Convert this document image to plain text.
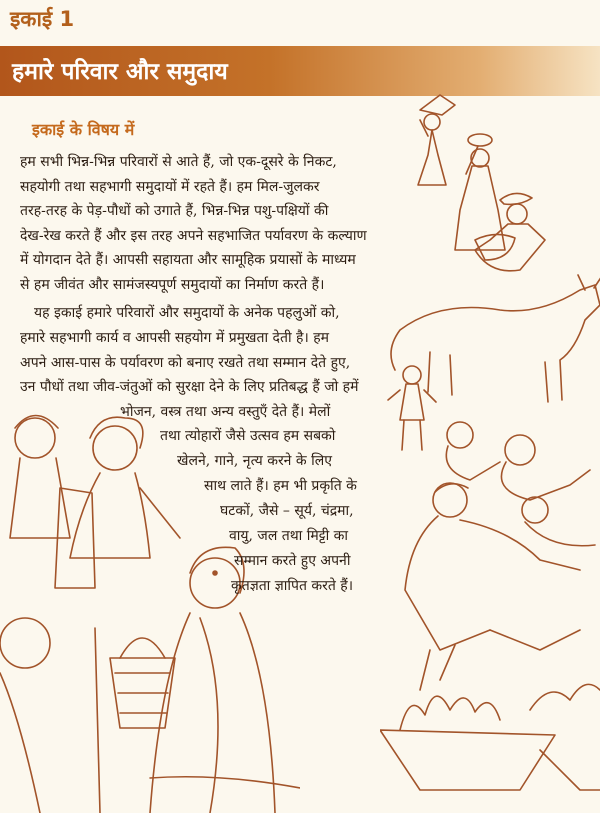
इकाई 1
हमारे परिवार और समुदाय
इकाई के विषय में
हम सभी भिन्न-भिन्न परिवारों से आते हैं, जो एक-दूसरे के निकट,
सहयोगी तथा सहभागी समुदायों में रहते हैं। हम मिल-जुलकर
तरह-तरह के पेड़-पौधों को उगाते हैं, भिन्न-भिन्न पशु-पक्षियों की
देख-रेख करते हैं और इस तरह अपने सहभाजित पर्यावरण के कल्याण
में योगदान देते हैं। आपसी सहायता और सामूहिक प्रयासों के माध्यम
से हम जीवंत और सामंजस्यपूर्ण समुदायों का निर्माण करते हैं।
यह इकाई हमारे परिवारों और समुदायों के अनेक पहलुओं को,
हमारे सहभागी कार्य व आपसी सहयोग में प्रमुखता देती है। हम
अपने आस-पास के पर्यावरण को बनाए रखते तथा सम्मान देते हुए,
उन पौधों तथा जीव-जंतुओं को सुरक्षा देने के लिए प्रतिबद्ध हैं जो हमें
भोजन, वस्त्र तथा अन्य वस्तुएँ देते हैं। मेलों
तथा त्योहारों जैसे उत्सव हम सबको
खेलने, गाने, नृत्य करने के लिए
साथ लाते हैं। हम भी प्रकृति के
घटकों, जैसे – सूर्य, चंद्रमा,
वायु, जल तथा मिट्टी का
सम्मान करते हुए अपनी
कृतज्ञता ज्ञापित करते हैं।
